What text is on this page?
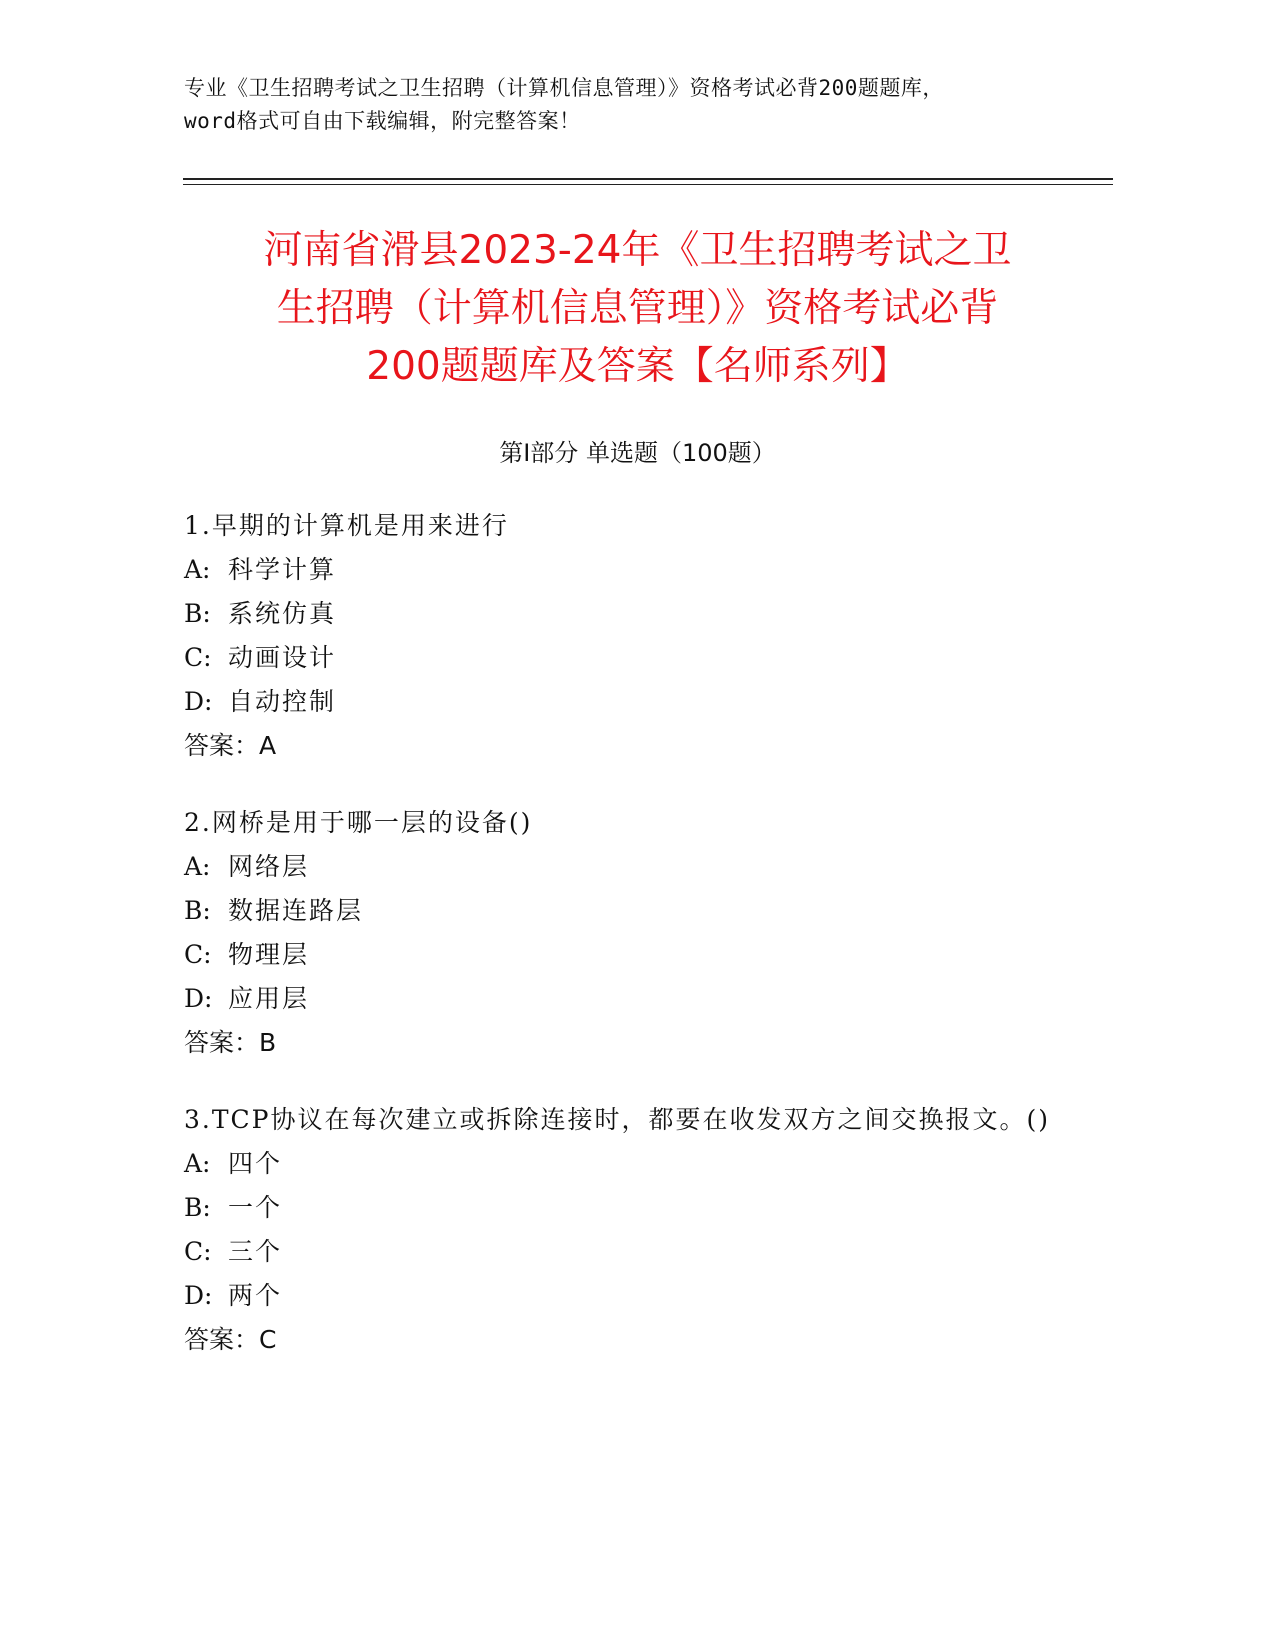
专业《卫生招聘考试之卫生招聘（计算机信息管理）》资格考试必背200题题库，
word格式可自由下载编辑，附完整答案！
河南省滑县2023-24年《卫生招聘考试之卫
生招聘（计算机信息管理）》资格考试必背
200题题库及答案【名师系列】
第Ⅰ部分 单选题（100题）
1.早期的计算机是用来进行
A: 科学计算
B: 系统仿真
C: 动画设计
D: 自动控制
答案：A
2.网桥是用于哪一层的设备()
A: 网络层
B: 数据连路层
C: 物理层
D: 应用层
答案：B
3.TCP协议在每次建立或拆除连接时，都要在收发双方之间交换报文。()
A: 四个
B: 一个
C: 三个
D: 两个
答案：C
